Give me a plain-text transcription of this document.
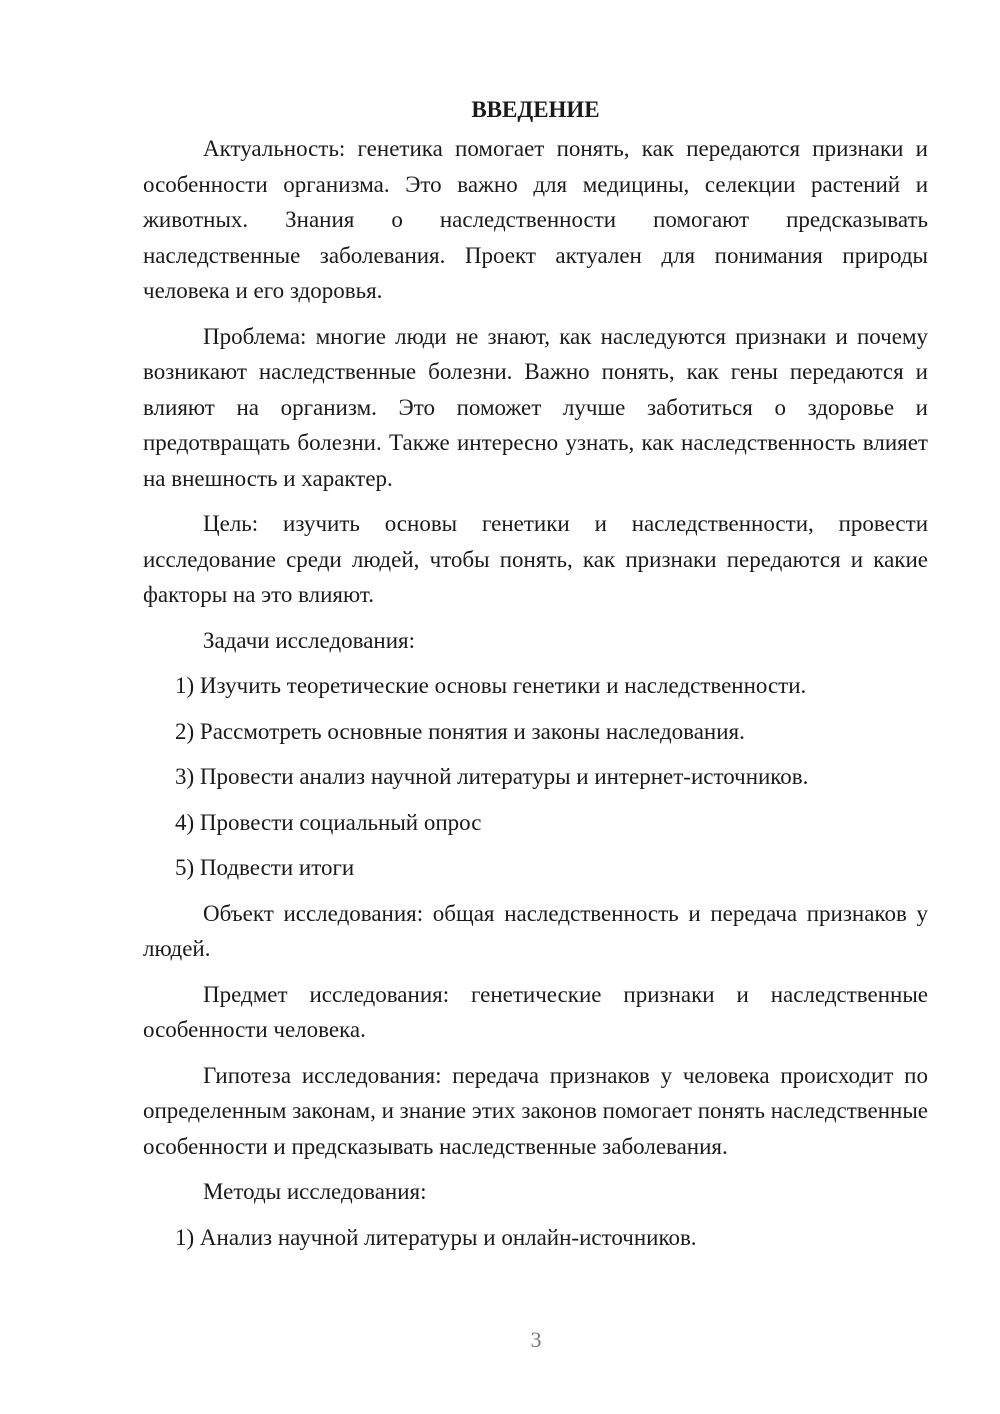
ВВЕДЕНИЕ

Актуальность: генетика помогает понять, как передаются признаки и особенности организма. Это важно для медицины, селекции растений и животных. Знания о наследственности помогают предсказывать наследственные заболевания. Проект актуален для понимания природы человека и его здоровья.

Проблема: многие люди не знают, как наследуются признаки и почему возникают наследственные болезни. Важно понять, как гены передаются и влияют на организм. Это поможет лучше заботиться о здоровье и предотвращать болезни. Также интересно узнать, как наследственность влияет на внешность и характер.

Цель: изучить основы генетики и наследственности, провести исследование среди людей, чтобы понять, как признаки передаются и какие факторы на это влияют.

Задачи исследования:

1) Изучить теоретические основы генетики и наследственности.
2) Рассмотреть основные понятия и законы наследования.
3) Провести анализ научной литературы и интернет-источников.
4) Провести социальный опрос
5) Подвести итоги

Объект исследования: общая наследственность и передача признаков у людей.

Предмет исследования: генетические признаки и наследственные особенности человека.

Гипотеза исследования: передача признаков у человека происходит по определенным законам, и знание этих законов помогает понять наследственные особенности и предсказывать наследственные заболевания.

Методы исследования:

1) Анализ научной литературы и онлайн-источников.
3
